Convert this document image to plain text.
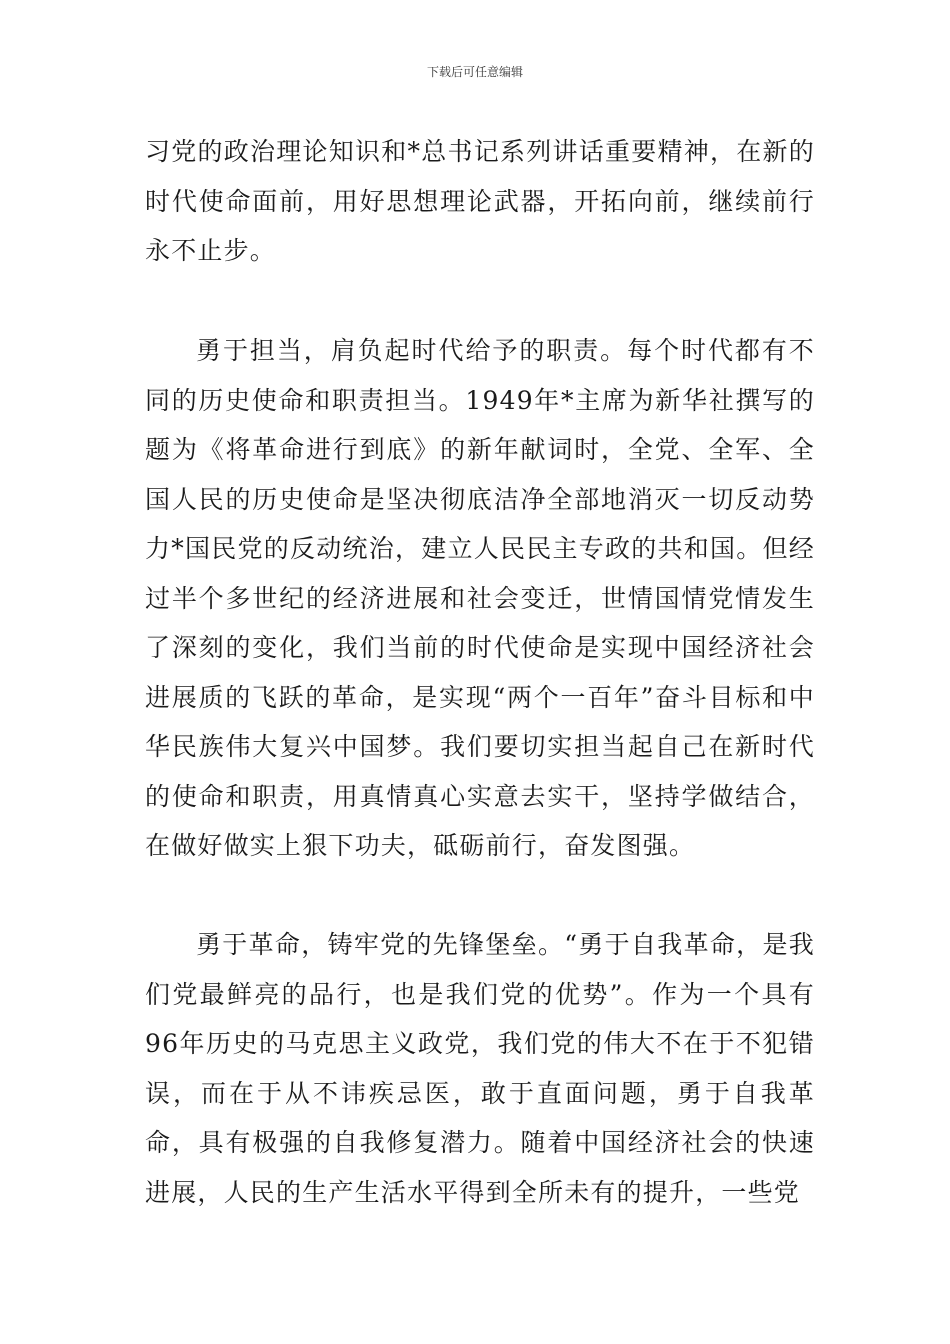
下载后可任意编辑

习党的政治理论知识和*总书记系列讲话重要精神，在新的时代使命面前，用好思想理论武器，开拓向前，继续前行永不止步。

勇于担当，肩负起时代给予的职责。每个时代都有不同的历史使命和职责担当。1949年*主席为新华社撰写的题为《将革命进行到底》的新年献词时，全党、全军、全国人民的历史使命是坚决彻底洁净全部地消灭一切反动势力*国民党的反动统治，建立人民民主专政的共和国。但经过半个多世纪的经济进展和社会变迁，世情国情党情发生了深刻的变化，我们当前的时代使命是实现中国经济社会进展质的飞跃的革命，是实现“两个一百年”奋斗目标和中华民族伟大复兴中国梦。我们要切实担当起自己在新时代的使命和职责，用真情真心实意去实干，坚持学做结合，在做好做实上狠下功夫，砥砺前行，奋发图强。

勇于革命，铸牢党的先锋堡垒。“勇于自我革命，是我们党最鲜亮的品行，也是我们党的优势”。作为一个具有96年历史的马克思主义政党，我们党的伟大不在于不犯错误，而在于从不讳疾忌医，敢于直面问题，勇于自我革命，具有极强的自我修复潜力。随着中国经济社会的快速进展，人民的生产生活水平得到全所未有的提升，一些党
